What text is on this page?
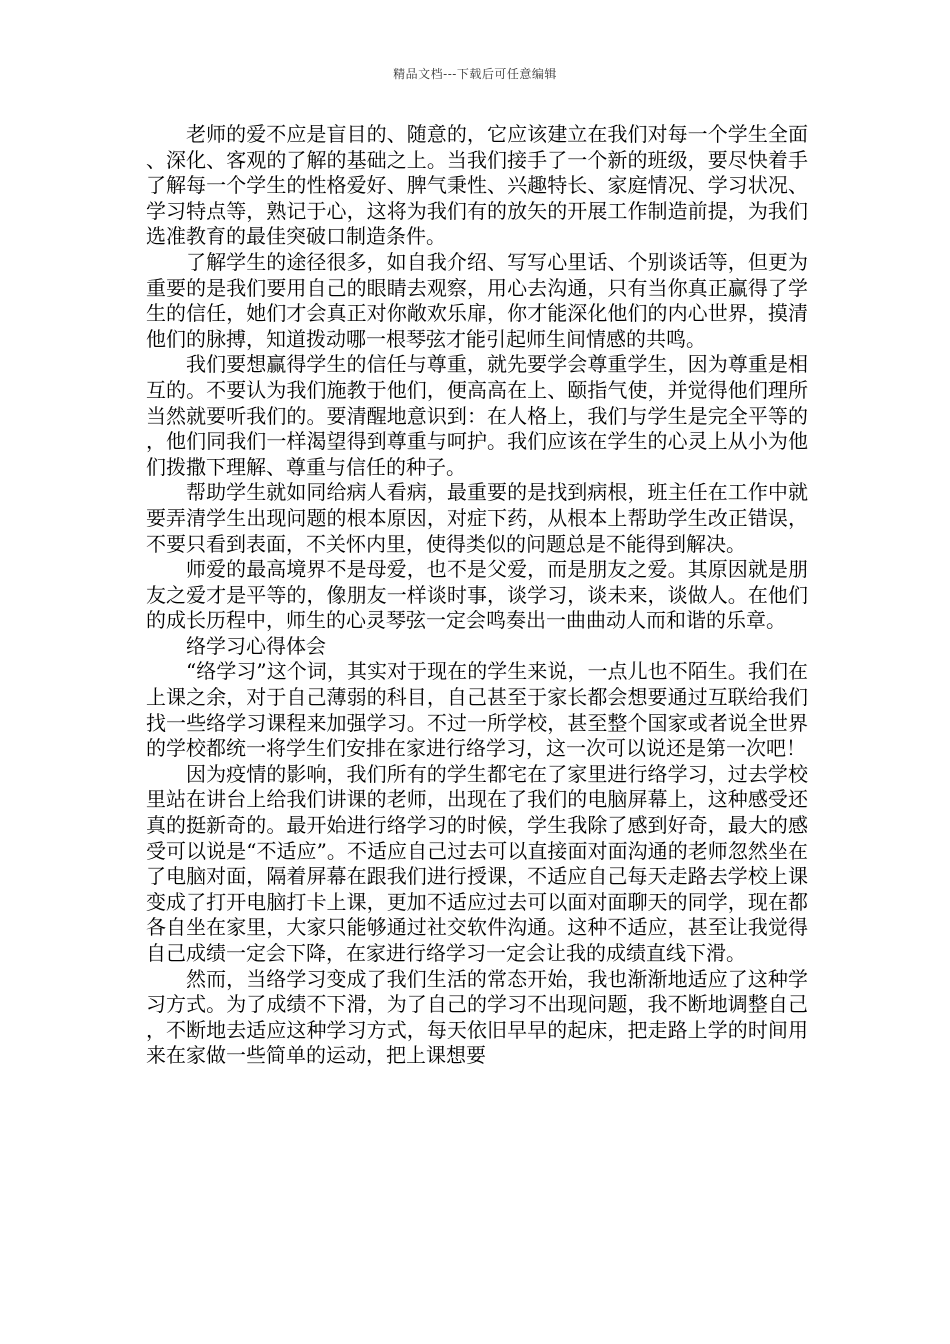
精品文档---下载后可任意编辑

老师的爱不应是盲目的、随意的，它应该建立在我们对每一个学生全面、深化、客观的了解的基础之上。当我们接手了一个新的班级，要尽快着手了解每一个学生的性格爱好、脾气秉性、兴趣特长、家庭情况、学习状况、学习特点等，熟记于心，这将为我们有的放矢的开展工作制造前提，为我们选准教育的最佳突破口制造条件。

了解学生的途径很多，如自我介绍、写写心里话、个别谈话等，但更为重要的是我们要用自己的眼睛去观察，用心去沟通，只有当你真正赢得了学生的信任，她们才会真正对你敞欢乐扉，你才能深化他们的内心世界，摸清他们的脉搏，知道拨动哪一根琴弦才能引起师生间情感的共鸣。

我们要想赢得学生的信任与尊重，就先要学会尊重学生，因为尊重是相互的。不要认为我们施教于他们，便高高在上、颐指气使，并觉得他们理所当然就要听我们的。要清醒地意识到：在人格上，我们与学生是完全平等的，他们同我们一样渴望得到尊重与呵护。我们应该在学生的心灵上从小为他们拨撒下理解、尊重与信任的种子。

帮助学生就如同给病人看病，最重要的是找到病根，班主任在工作中就要弄清学生出现问题的根本原因，对症下药，从根本上帮助学生改正错误，不要只看到表面，不关怀内里，使得类似的问题总是不能得到解决。

师爱的最高境界不是母爱，也不是父爱，而是朋友之爱。其原因就是朋友之爱才是平等的，像朋友一样谈时事，谈学习，谈未来，谈做人。在他们的成长历程中，师生的心灵琴弦一定会鸣奏出一曲曲动人而和谐的乐章。

络学习心得体会

“络学习”这个词，其实对于现在的学生来说，一点儿也不陌生。我们在上课之余，对于自己薄弱的科目，自己甚至于家长都会想要通过互联给我们找一些络学习课程来加强学习。不过一所学校，甚至整个国家或者说全世界的学校都统一将学生们安排在家进行络学习，这一次可以说还是第一次吧！

因为疫情的影响，我们所有的学生都宅在了家里进行络学习，过去学校里站在讲台上给我们讲课的老师，出现在了我们的电脑屏幕上，这种感受还真的挺新奇的。最开始进行络学习的时候，学生我除了感到好奇，最大的感受可以说是“不适应”。不适应自己过去可以直接面对面沟通的老师忽然坐在了电脑对面，隔着屏幕在跟我们进行授课，不适应自己每天走路去学校上课变成了打开电脑打卡上课，更加不适应过去可以面对面聊天的同学，现在都各自坐在家里，大家只能够通过社交软件沟通。这种不适应，甚至让我觉得自己成绩一定会下降，在家进行络学习一定会让我的成绩直线下滑。

然而，当络学习变成了我们生活的常态开始，我也渐渐地适应了这种学习方式。为了成绩不下滑，为了自己的学习不出现问题，我不断地调整自己，不断地去适应这种学习方式，每天依旧早早的起床，把走路上学的时间用来在家做一些简单的运动，把上课想要
